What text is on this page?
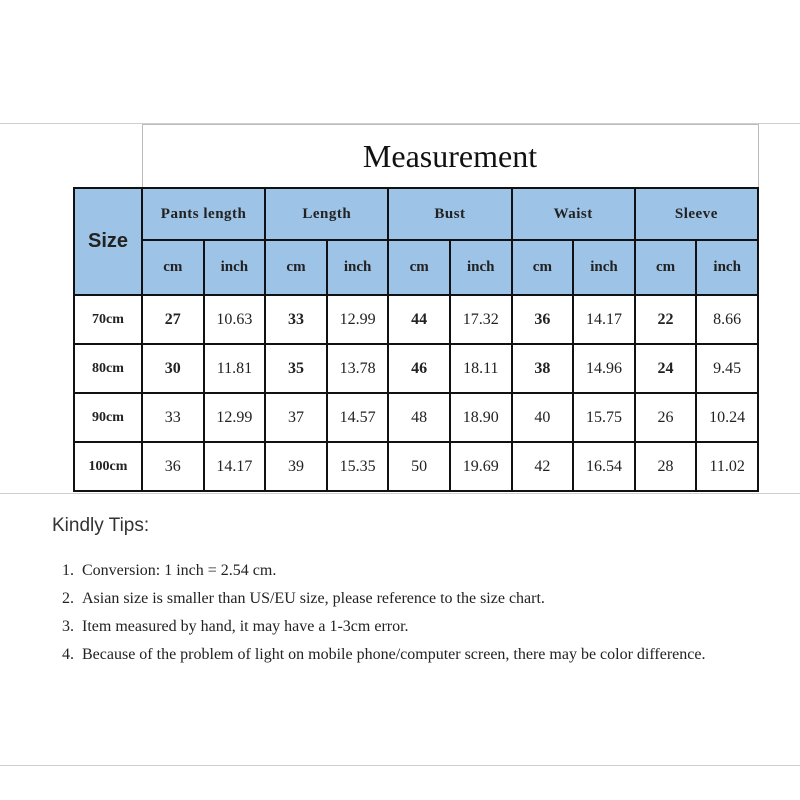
	Measurement									
Size	Pants length		Length		Bust		Waist		Sleeve	
	cm	inch	cm	inch	cm	inch	cm	inch	cm	inch
70cm	27	10.63	33	12.99	44	17.32	36	14.17	22	8.66
80cm	30	11.81	35	13.78	46	18.11	38	14.96	24	9.45
90cm	33	12.99	37	14.57	48	18.90	40	15.75	26	10.24
100cm	36	14.17	39	15.35	50	19.69	42	16.54	28	11.02
Kindly Tips:
1. Conversion: 1 inch = 2.54 cm.
2. Asian size is smaller than US/EU size, please reference to the size chart.
3. Item measured by hand, it may have a 1-3cm error.
4. Because of the problem of light on mobile phone/computer screen, there may be color difference.
